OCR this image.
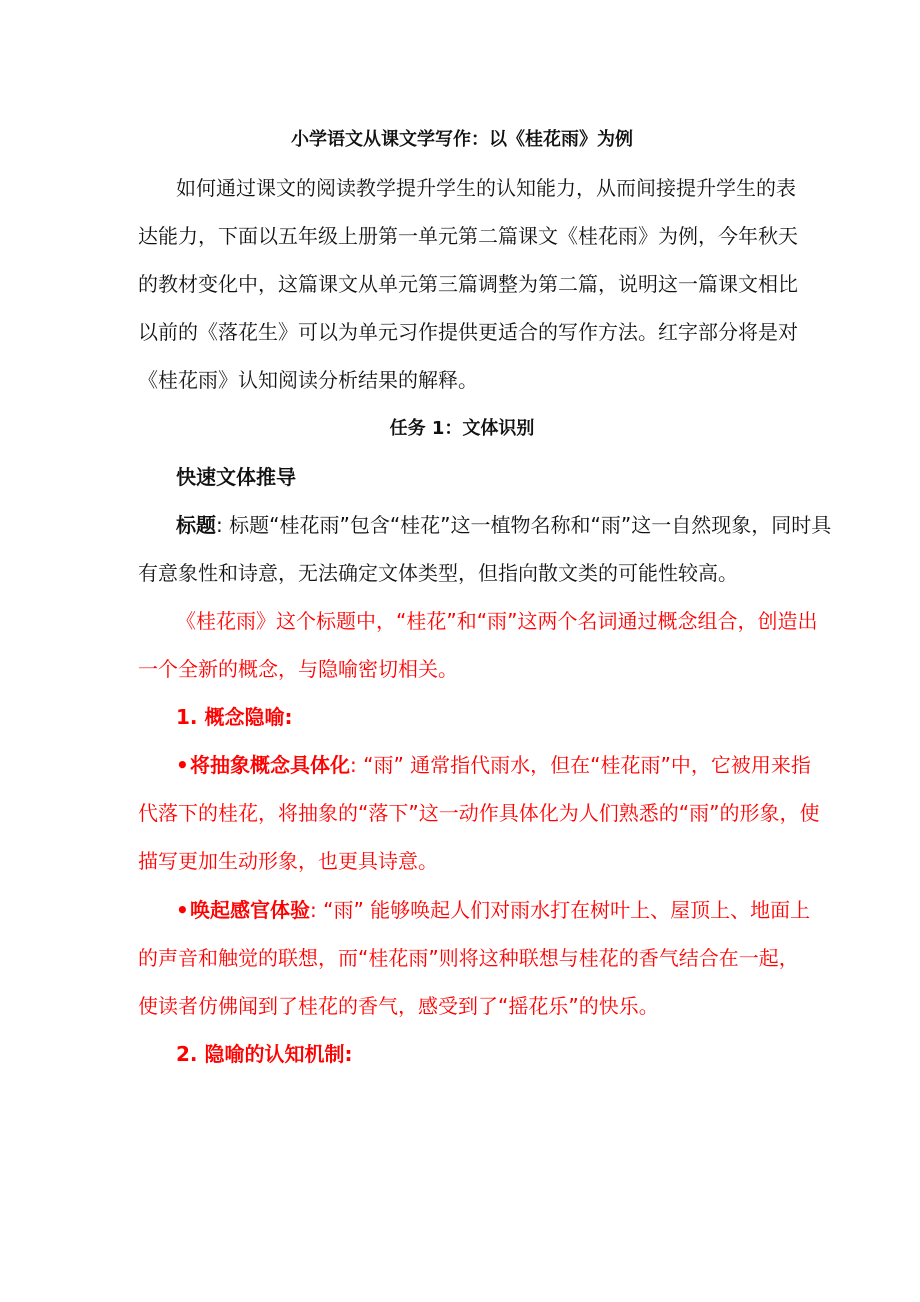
小学语文从课文学写作：以《桂花雨》为例
如何通过课文的阅读教学提升学生的认知能力，从而间接提升学生的表
达能力，下面以五年级上册第一单元第二篇课文《桂花雨》为例，今年秋天
的教材变化中，这篇课文从单元第三篇调整为第二篇，说明这一篇课文相比
以前的《落花生》可以为单元习作提供更适合的写作方法。红字部分将是对
《桂花雨》认知阅读分析结果的解释。
任务 1：文体识别
快速文体推导
标题: 标题“桂花雨”包含“桂花”这一植物名称和“雨”这一自然现象，同时具
有意象性和诗意，无法确定文体类型，但指向散文类的可能性较高。
《桂花雨》这个标题中，“桂花”和“雨”这两个名词通过概念组合，创造出
一个全新的概念，与隐喻密切相关。
1. 概念隐喻:
•将抽象概念具体化: “雨” 通常指代雨水，但在“桂花雨”中，它被用来指
代落下的桂花，将抽象的“落下”这一动作具体化为人们熟悉的“雨”的形象，使
描写更加生动形象，也更具诗意。
•唤起感官体验: “雨” 能够唤起人们对雨水打在树叶上、屋顶上、地面上
的声音和触觉的联想，而“桂花雨”则将这种联想与桂花的香气结合在一起，
使读者仿佛闻到了桂花的香气，感受到了“摇花乐”的快乐。
2. 隐喻的认知机制:
